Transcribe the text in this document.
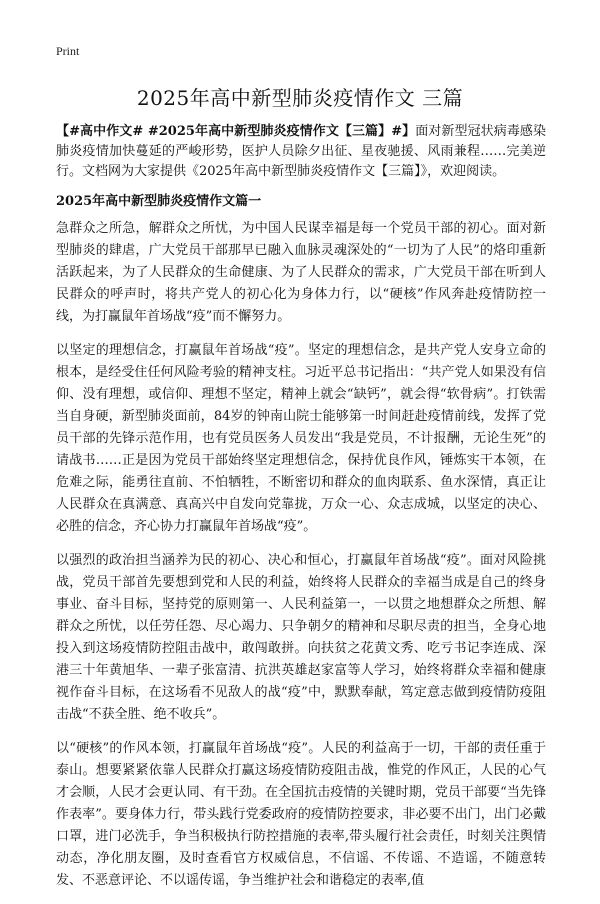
Print
2025年高中新型肺炎疫情作文 三篇

【#高中作文# #2025年高中新型肺炎疫情作文【三篇】#】面对新型冠状病毒感染肺炎疫情加快蔓延的严峻形势，医护人员除夕出征、星夜驰援、风雨兼程……完美逆行。文档网为大家提供《2025年高中新型肺炎疫情作文【三篇】》，欢迎阅读。

2025年高中新型肺炎疫情作文篇一

急群众之所急，解群众之所忧，为中国人民谋幸福是每一个党员干部的初心。面对新型肺炎的肆虐，广大党员干部那早已融入血脉灵魂深处的“一切为了人民”的烙印重新活跃起来，为了人民群众的生命健康、为了人民群众的需求，广大党员干部在听到人民群众的呼声时，将共产党人的初心化为身体力行，以“硬核”作风奔赴疫情防控一线，为打赢鼠年首场战“疫”而不懈努力。

以坚定的理想信念，打赢鼠年首场战“疫”。坚定的理想信念，是共产党人安身立命的根本，是经受住任何风险考验的精神支柱。习近平总书记指出：“共产党人如果没有信仰、没有理想，或信仰、理想不坚定，精神上就会“缺钙”，就会得“软骨病”。打铁需当自身硬，新型肺炎面前，84岁的钟南山院士能够第一时间赶赴疫情前线，发挥了党员干部的先锋示范作用，也有党员医务人员发出“我是党员，不计报酬，无论生死”的请战书……正是因为党员干部始终坚定理想信念，保持优良作风，锤炼实干本领，在危难之际，能勇往直前、不怕牺牲，不断密切和群众的血肉联系、鱼水深情，真正让人民群众在真满意、真高兴中自发向党靠拢，万众一心、众志成城，以坚定的决心、必胜的信念，齐心协力打赢鼠年首场战“疫”。

以强烈的政治担当涵养为民的初心、决心和恒心，打赢鼠年首场战“疫”。面对风险挑战，党员干部首先要想到党和人民的利益，始终将人民群众的幸福当成是自己的终身事业、奋斗目标，坚持党的原则第一、人民利益第一，一以贯之地想群众之所想、解群众之所忧，以任劳任怨、尽心竭力、只争朝夕的精神和尽职尽责的担当，全身心地投入到这场疫情防控阻击战中，敢闯敢拼。向扶贫之花黄文秀、吃亏书记李连成、深港三十年黄旭华、一辈子张富清、抗洪英雄赵家富等人学习，始终将群众幸福和健康视作奋斗目标，在这场看不见敌人的战“疫”中，默默奉献，笃定意志做到疫情防疫阻击战“不获全胜、绝不收兵”。

以“硬核”的作风本领，打赢鼠年首场战“疫”。人民的利益高于一切，干部的责任重于泰山。想要紧紧依靠人民群众打赢这场疫情防疫阻击战，惟党的作风正，人民的心气才会顺，人民才会更认同、有干劲。在全国抗击疫情的关键时期，党员干部要“当先锋作表率”。要身体力行，带头践行党委政府的疫情防控要求，非必要不出门，出门必戴口罩，进门必洗手，争当积极执行防控措施的表率,带头履行社会责任，时刻关注舆情动态，净化朋友圈，及时查看官方权威信息，不信谣、不传谣、不造谣，不随意转发、不恶意评论、不以谣传谣，争当维护社会和谐稳定的表率,值
